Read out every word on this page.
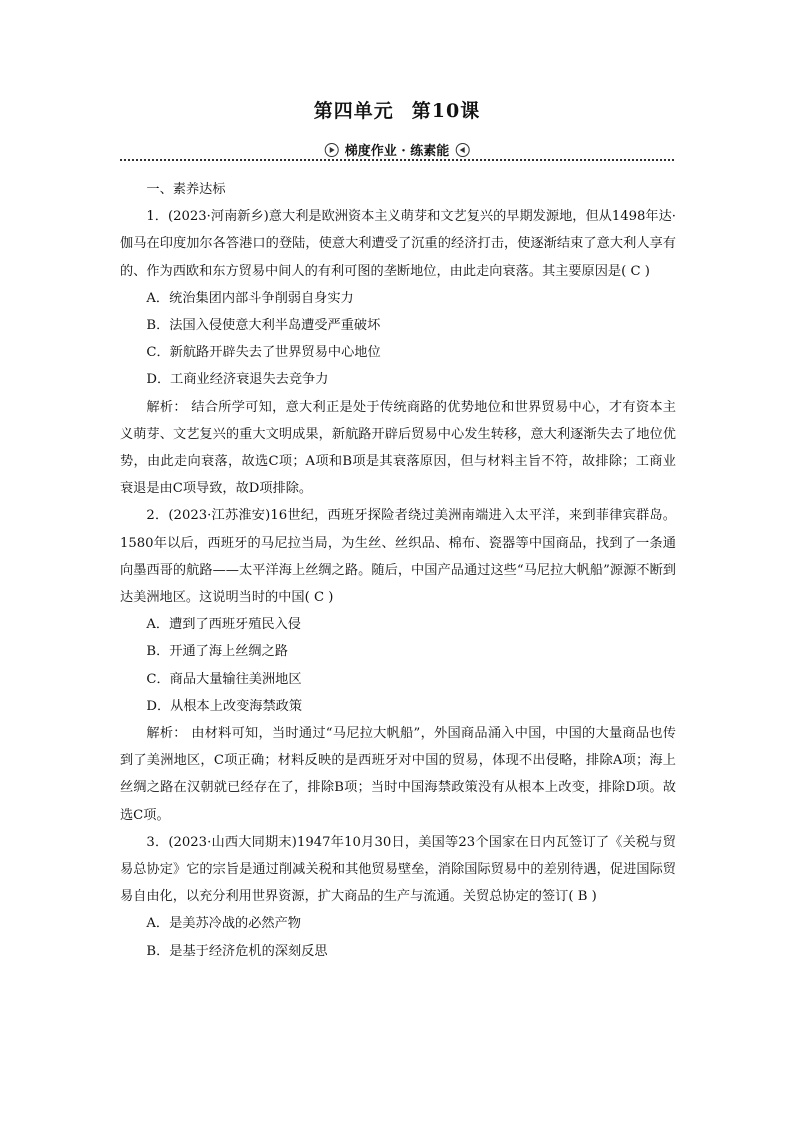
第四单元 第10课
梯度作业 · 练素能

一、素养达标

1．(2023·河南新乡)意大利是欧洲资本主义萌芽和文艺复兴的早期发源地，但从1498年达·伽马在印度加尔各答港口的登陆，使意大利遭受了沉重的经济打击，使逐渐结束了意大利人享有的、作为西欧和东方贸易中间人的有利可图的垄断地位，由此走向衰落。其主要原因是( C )

A．统治集团内部斗争削弱自身实力

B．法国入侵使意大利半岛遭受严重破坏

C．新航路开辟失去了世界贸易中心地位

D．工商业经济衰退失去竞争力

解析： 结合所学可知，意大利正是处于传统商路的优势地位和世界贸易中心，才有资本主义萌芽、文艺复兴的重大文明成果，新航路开辟后贸易中心发生转移，意大利逐渐失去了地位优势，由此走向衰落，故选C项；A项和B项是其衰落原因，但与材料主旨不符，故排除；工商业衰退是由C项导致，故D项排除。

2．(2023·江苏淮安)16世纪，西班牙探险者绕过美洲南端进入太平洋，来到菲律宾群岛。1580年以后，西班牙的马尼拉当局，为生丝、丝织品、棉布、瓷器等中国商品，找到了一条通向墨西哥的航路——太平洋海上丝绸之路。随后，中国产品通过这些“马尼拉大帆船”源源不断到达美洲地区。这说明当时的中国( C )

A．遭到了西班牙殖民入侵

B．开通了海上丝绸之路

C．商品大量输往美洲地区

D．从根本上改变海禁政策

解析： 由材料可知，当时通过“马尼拉大帆船”，外国商品涌入中国，中国的大量商品也传到了美洲地区，C项正确；材料反映的是西班牙对中国的贸易，体现不出侵略，排除A项；海上丝绸之路在汉朝就已经存在了，排除B项；当时中国海禁政策没有从根本上改变，排除D项。故选C项。

3．(2023·山西大同期末)1947年10月30日，美国等23个国家在日内瓦签订了《关税与贸易总协定》它的宗旨是通过削减关税和其他贸易壁垒，消除国际贸易中的差别待遇，促进国际贸易自由化，以充分利用世界资源，扩大商品的生产与流通。关贸总协定的签订( B )

A．是美苏冷战的必然产物

B．是基于经济危机的深刻反思
